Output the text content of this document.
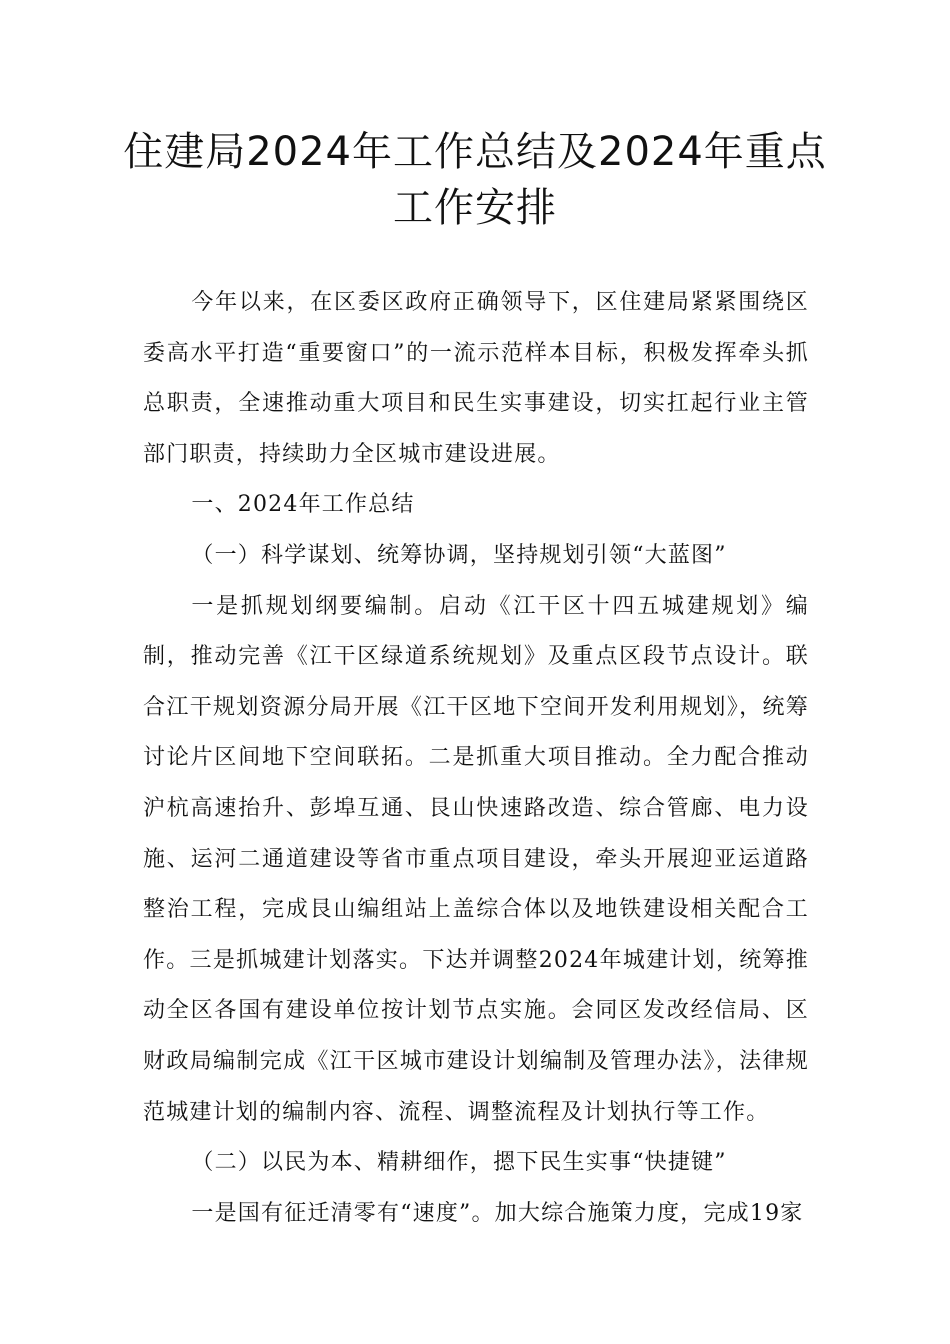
住建局2024年工作总结及2024年重点
工作安排

今年以来，在区委区政府正确领导下，区住建局紧紧围绕区委高水平打造“重要窗口”的一流示范样本目标，积极发挥牵头抓总职责，全速推动重大项目和民生实事建设，切实扛起行业主管部门职责，持续助力全区城市建设进展。

一、2024年工作总结

（一）科学谋划、统筹协调，坚持规划引领“大蓝图”

一是抓规划纲要编制。启动《江干区十四五城建规划》编制，推动完善《江干区绿道系统规划》及重点区段节点设计。联合江干规划资源分局开展《江干区地下空间开发利用规划》，统筹讨论片区间地下空间联拓。二是抓重大项目推动。全力配合推动沪杭高速抬升、彭埠互通、艮山快速路改造、综合管廊、电力设施、运河二通道建设等省市重点项目建设，牵头开展迎亚运道路整治工程，完成艮山编组站上盖综合体以及地铁建设相关配合工作。三是抓城建计划落实。下达并调整2024年城建计划，统筹推动全区各国有建设单位按计划节点实施。会同区发改经信局、区财政局编制完成《江干区城市建设计划编制及管理办法》，法律规范城建计划的编制内容、流程、调整流程及计划执行等工作。

（二）以民为本、精耕细作，摁下民生实事“快捷键”

一是国有征迁清零有“速度”。加大综合施策力度，完成19家
